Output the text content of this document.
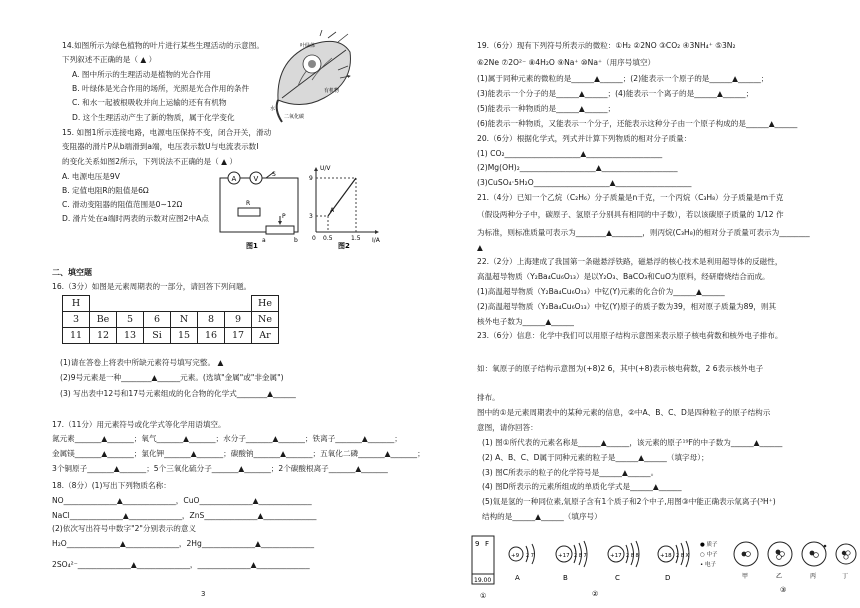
14.如图所示为绿色植物的叶片进行某些生理活动的示意图。
下列叙述不正确的是（ ▲ ）
A. 图中所示的生理活动是植物的光合作用
B. 叶绿体是光合作用的场所，光照是光合作用的条件
C. 和水一起被根吸收并向上运输的还有有机物
D. 这个生理活动产生了新的物质，属于化学变化
叶绿体
有机物
二氧化碳
水
15. 如图1所示连接电路，电源电压保持不变，闭合开关，滑动
变阻器的滑片P从b端滑到a端，电压表示数U与电流表示数I
的变化关系如图2所示，下列说法不正确的是（ ▲ ）
A. 电源电压是9V
B. 定值电阻R的阻值是6Ω
C. 滑动变阻器的阻值范围是0~12Ω
D. 滑片处在a端时两表的示数对应图2中A点
A V
S
R
P
a	b
图1
U/V
I/A
9
3
0 0.5	1.5
A
图2
二、填空题
16.（3分）如图是元素周期表的一部分，请回答下列问题。
H							He
3	Be	5	6	N	8	9	Ne
11	12	13	Si	15	16	17	Ar
(1)请在答卷上将表中所缺元素符号填写完整。 ▲
(2)9号元素是一种________▲______元素。(选填"金属"或"非金属")
(3) 写出表中12号和17号元素组成的化合物的化学式________▲______
17.（11分）用元素符号或化学式等化学用语填空。
氮元素_______▲_______；氧气_______▲_______；水分子_______▲_______；铁离子_______▲_______；
金属镁_______▲_______；氯化钾_______▲_______；碳酸钠_______▲_______；五氧化二磷_______▲_______；
3个铜原子_______▲_______；5个三氧化硫分子_______▲_______；2个碳酸根离子_______▲_______
18.（8分）(1)写出下列物质名称：
NO______________▲______________，CuO______________▲______________
NaCl______________▲______________，ZnS______________▲______________
(2)依次写出符号中数字"2"分别表示的意义
H₂O______________▲______________，2Hg______________▲______________
2SO₄²⁻______________▲______________，______________▲______________
3
19.（6分）现有下列符号所表示的微粒：①H₂ ②2NO ③CO₂ ④3NH₄⁺ ⑤3N₂
⑥2Ne ⑦2O²⁻ ⑧4H₂O ⑨Na⁺ ⑩Na⁺（用序号填空）
(1)属于同种元素的微粒的是______▲______；(2)能表示一个原子的是______▲______；
(3)能表示一个分子的是______▲______；(4)能表示一个离子的是______▲______；
(5)能表示一种物质的是______▲______；
(6)能表示一种物质，又能表示一个分子，还能表示这种分子由一个原子构成的是______▲______
20.（6分）根据化学式，列式并计算下列物质的相对分子质量：
(1) CO₂____________________▲____________________
(2)Mg(OH)₂____________________▲____________________
(3)CuSO₄·5H₂O____________________▲____________________
21.（4分）已知一个乙烷（C₂H₆）分子质量是n千克，一个丙烷（C₃H₈）分子质量是m千克
（假设两种分子中，碳原子、氢原子分别具有相同的中子数），若以该碳原子质量的 1/12 作
为标准，则标准质量可表示为________▲________，则丙烷(C₃H₈)的相对分子质量可表示为________
▲
22.（2分）上海建成了我国第一条磁悬浮铁路，磁悬浮的核心技术是利用超导体的反磁性，
高温超导物质（Y₂Ba₄Cu₆O₁₃）是以Y₂O₃、BaCO₃和CuO为原料，经研磨烧结合而成。
(1)高温超导物质（Y₂Ba₄Cu₆O₁₃）中钇(Y)元素的化合价为______▲______
(2)高温超导物质（Y₂Ba₄Cu₆O₁₃）中钇(Y)原子的质子数为39，相对原子质量为89，则其
核外电子数为______▲______
23.（6分）信息：化学中我们可以用原子结构示意图来表示原子核电荷数和核外电子排布。
如：氧原子的原子结构示意图为(+8)2 6，其中(+8)表示核电荷数，2 6表示核外电子
排布。
图中的①是元素周期表中的某种元素的信息，②中A、B、C、D是四种粒子的原子结构示
意图，请你回答：
(1) 图①所代表的元素名称是______▲______，该元素的原子¹⁹F的中子数为______▲______
(2) A、B、C、D属于同种元素的粒子是______▲______（填字母）；
(3) 图C所表示的粒子的化学符号是______▲______。
(4) 图D所表示的元素所组成的单质化学式是______▲______
(5)氚是氢的一种同位素,氚原子含有1个质子和2个中子,用图③中能正确表示氚离子(³H⁺)
结构的是______▲______（填序号）
9 F
19.00
①
+9 2 7
A
+17 2 8 7
B
+17 2 8 8
C
+18 2 8 X
D
②
● 质子
○ 中子
• 电子
甲	乙	丙	丁
③
